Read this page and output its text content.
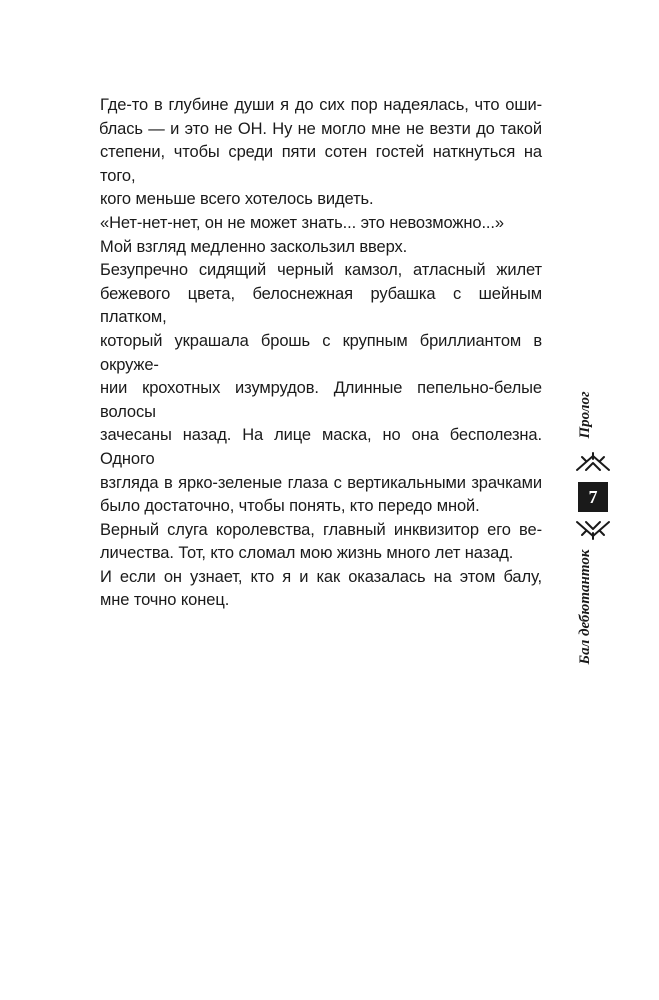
Где-то в глубине души я до сих пор надеялась, что оши-

блась — и это не ОН. Ну не могло мне не везти до такой

степени, чтобы среди пяти сотен гостей наткнуться на того,

кого меньше всего хотелось видеть.

«Нет-нет-нет, он не может знать... это невозможно...»

Мой взгляд медленно заскользил вверх.

Безупречно сидящий черный камзол, атласный жилет

бежевого цвета, белоснежная рубашка с шейным платком,

который украшала брошь с крупным бриллиантом в окруже-

нии крохотных изумрудов. Длинные пепельно-белые волосы

зачесаны назад. На лице маска, но она бесполезна. Одного

взгляда в ярко-зеленые глаза с вертикальными зрачками

было достаточно, чтобы понять, кто передо мной.

Верный слуга королевства, главный инквизитор его ве-

личества. Тот, кто сломал мою жизнь много лет назад.

И если он узнает, кто я и как оказалась на этом балу,

мне точно конец.

Пролог
7
Бал дебютанток
